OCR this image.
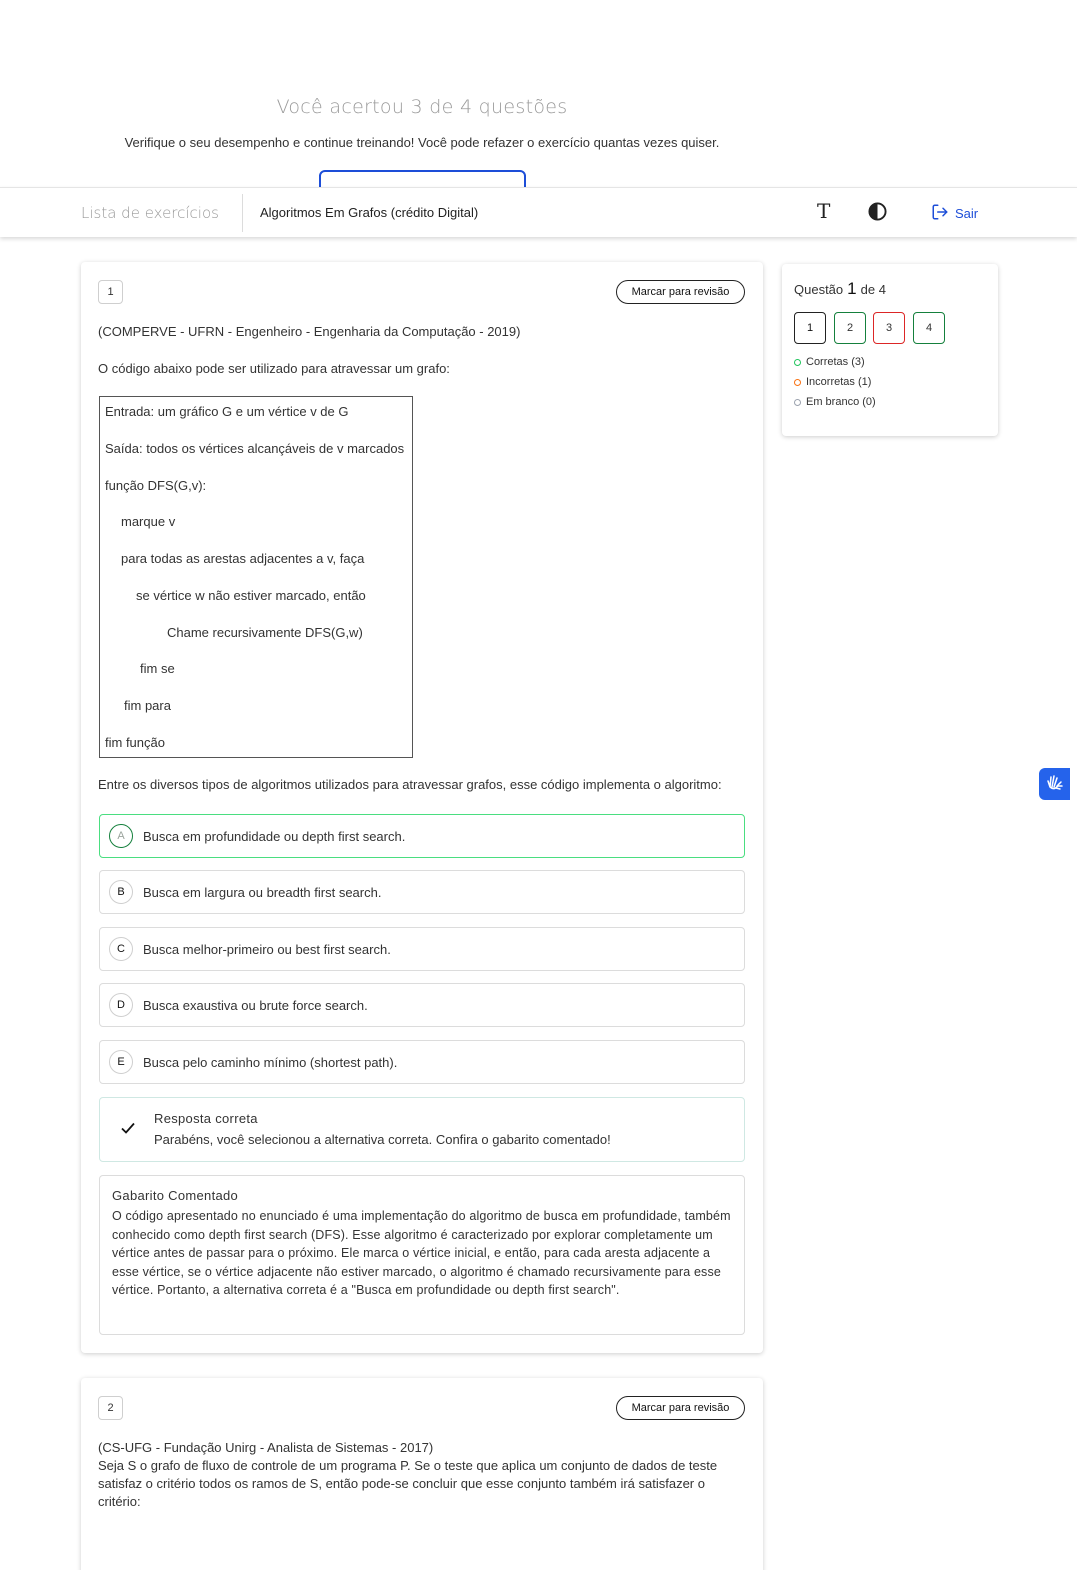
Você acertou 3 de 4 questões
Verifique o seu desempenho e continue treinando! Você pode refazer o exercício quantas vezes quiser.
Lista de exercícios	Algoritmos Em Grafos (crédito Digital)	T	Sair
1	Marcar para revisão
(COMPERVE - UFRN - Engenheiro - Engenharia da Computação - 2019)
O código abaixo pode ser utilizado para atravessar um grafo:
Entrada: um gráfico G e um vértice v de G
Saída: todos os vértices alcançáveis de v marcados
função DFS(G,v):
marque v
para todas as arestas adjacentes a v, faça
se vértice w não estiver marcado, então
Chame recursivamente DFS(G,w)
fim se
fim para
fim função
Entre os diversos tipos de algoritmos utilizados para atravessar grafos, esse código implementa o algoritmo:
A	Busca em profundidade ou depth first search.
B	Busca em largura ou breadth first search.
C	Busca melhor-primeiro ou best first search.
D	Busca exaustiva ou brute force search.
E	Busca pelo caminho mínimo (shortest path).
Resposta correta
Parabéns, você selecionou a alternativa correta. Confira o gabarito comentado!
Gabarito Comentado
O código apresentado no enunciado é uma implementação do algoritmo de busca em profundidade, também conhecido como depth first search (DFS). Esse algoritmo é caracterizado por explorar completamente um vértice antes de passar para o próximo. Ele marca o vértice inicial, e então, para cada aresta adjacente a esse vértice, se o vértice adjacente não estiver marcado, o algoritmo é chamado recursivamente para esse vértice. Portanto, a alternativa correta é a "Busca em profundidade ou depth first search".
2	Marcar para revisão
(CS-UFG - Fundação Unirg - Analista de Sistemas - 2017)
Seja S o grafo de fluxo de controle de um programa P. Se o teste que aplica um conjunto de dados de teste satisfaz o critério todos os ramos de S, então pode-se concluir que esse conjunto também irá satisfazer o critério:
Questão 1 de 4
1	2	3	4
Corretas (3)
Incorretas (1)
Em branco (0)
